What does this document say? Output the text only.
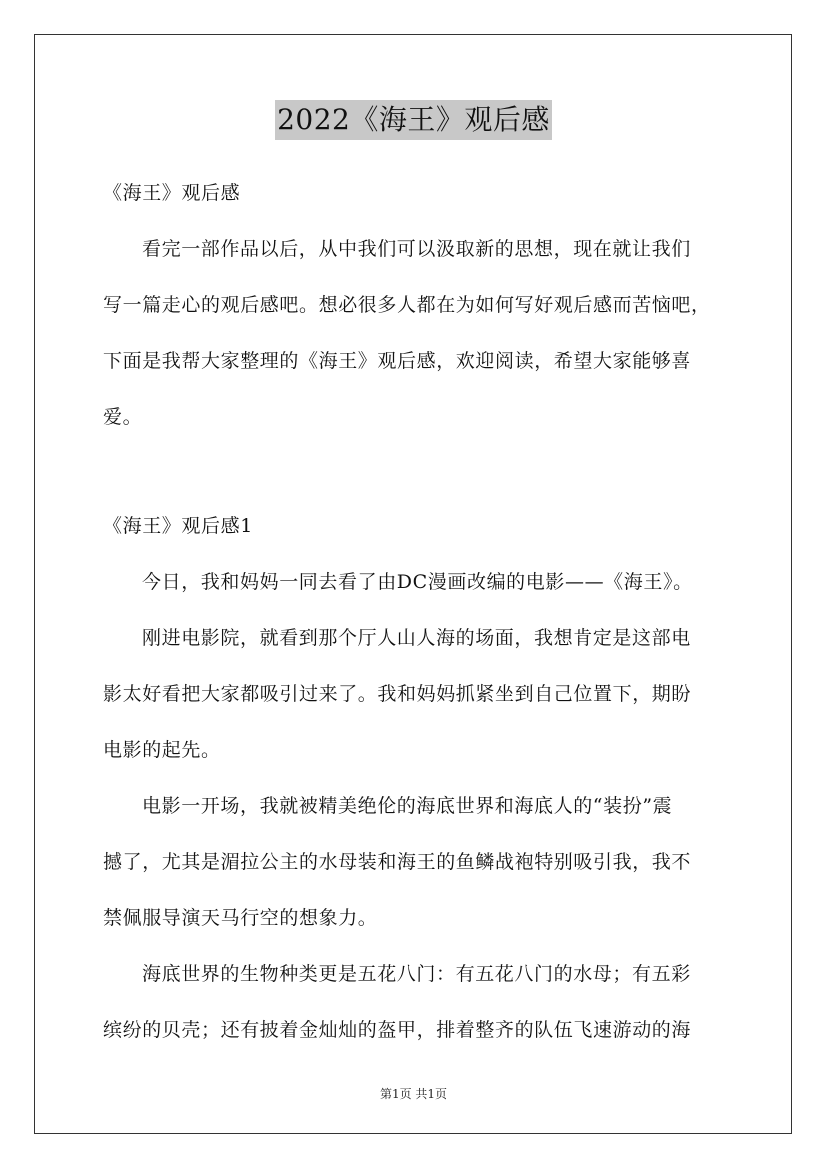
2022《海王》观后感
《海王》观后感
看完一部作品以后，从中我们可以汲取新的思想，现在就让我们
写一篇走心的观后感吧。想必很多人都在为如何写好观后感而苦恼吧，
下面是我帮大家整理的《海王》观后感，欢迎阅读，希望大家能够喜
爱。
《海王》观后感1
今日，我和妈妈一同去看了由DC漫画改编的电影——《海王》。
刚进电影院，就看到那个厅人山人海的场面，我想肯定是这部电
影太好看把大家都吸引过来了。我和妈妈抓紧坐到自己位置下，期盼
电影的起先。
电影一开场，我就被精美绝伦的海底世界和海底人的“装扮”震
撼了，尤其是湄拉公主的水母装和海王的鱼鳞战袍特别吸引我，我不
禁佩服导演天马行空的想象力。
海底世界的生物种类更是五花八门：有五花八门的水母；有五彩
缤纷的贝壳；还有披着金灿灿的盔甲，排着整齐的队伍飞速游动的海
第1页 共1页
